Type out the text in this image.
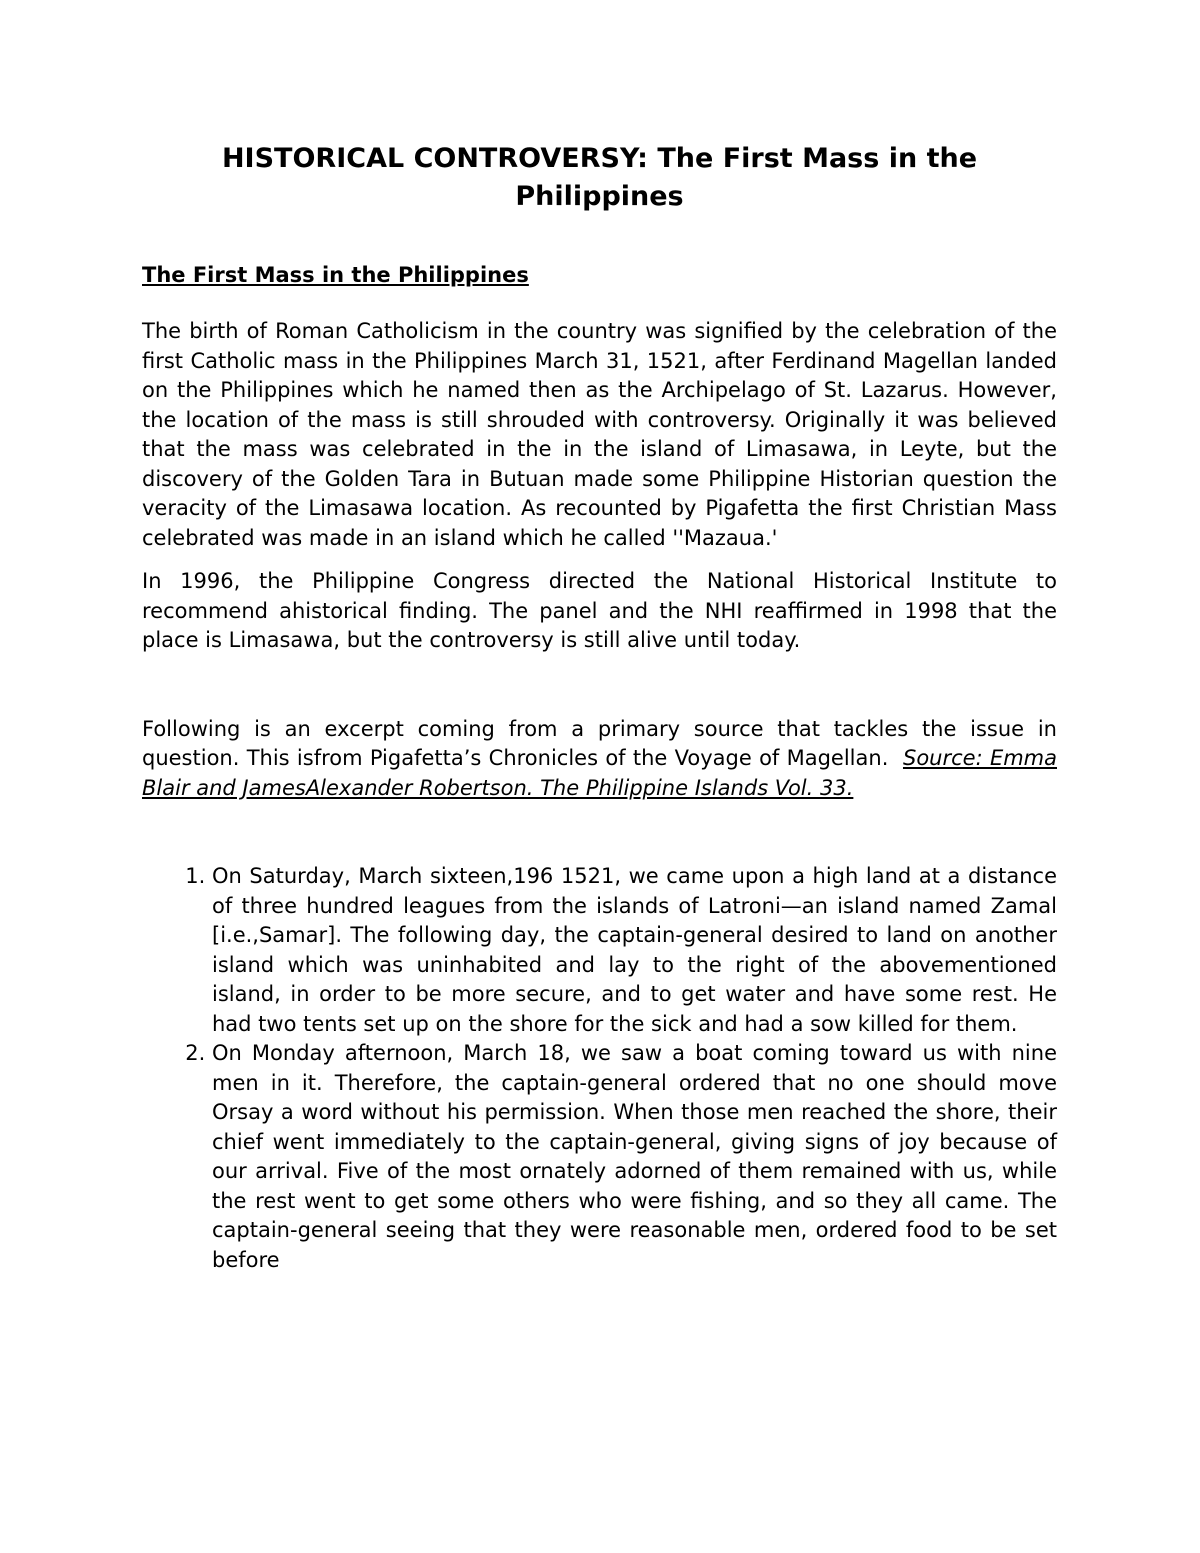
HISTORICAL CONTROVERSY: The First Mass in the Philippines
The First Mass in the Philippines

The birth of Roman Catholicism in the country was signified by the celebration of the first Catholic mass in the Philippines March 31, 1521, after Ferdinand Magellan landed on the Philippines which he named then as the Archipelago of St. Lazarus. However, the location of the mass is still shrouded with controversy. Originally it was believed that the mass was celebrated in the in the island of Limasawa, in Leyte, but the discovery of the Golden Tara in Butuan made some Philippine Historian question the veracity of the Limasawa location. As recounted by Pigafetta the first Christian Mass celebrated was made in an island which he called ''Mazaua.'

In 1996, the Philippine Congress directed the National Historical Institute to recommend ahistorical finding. The panel and the NHI reaffirmed in 1998 that the place is Limasawa, but the controversy is still alive until today.

Following is an excerpt coming from a primary source that tackles the issue in question. This isfrom Pigafetta’s Chronicles of the Voyage of Magellan. Source: Emma Blair and JamesAlexander Robertson. The Philippine Islands Vol. 33.

1. On Saturday, March sixteen,196 1521, we came upon a high land at a distance of three hundred leagues from the islands of Latroni—an island named Zamal [i.e.,Samar]. The following day, the captain-general desired to land on another island which was uninhabited and lay to the right of the abovementioned island, in order to be more secure, and to get water and have some rest. He had two tents set up on the shore for the sick and had a sow killed for them.
2. On Monday afternoon, March 18, we saw a boat coming toward us with nine men in it. Therefore, the captain-general ordered that no one should move Orsay a word without his permission. When those men reached the shore, their chief went immediately to the captain-general, giving signs of joy because of our arrival. Five of the most ornately adorned of them remained with us, while the rest went to get some others who were fishing, and so they all came. The captain-general seeing that they were reasonable men, ordered food to be set before
